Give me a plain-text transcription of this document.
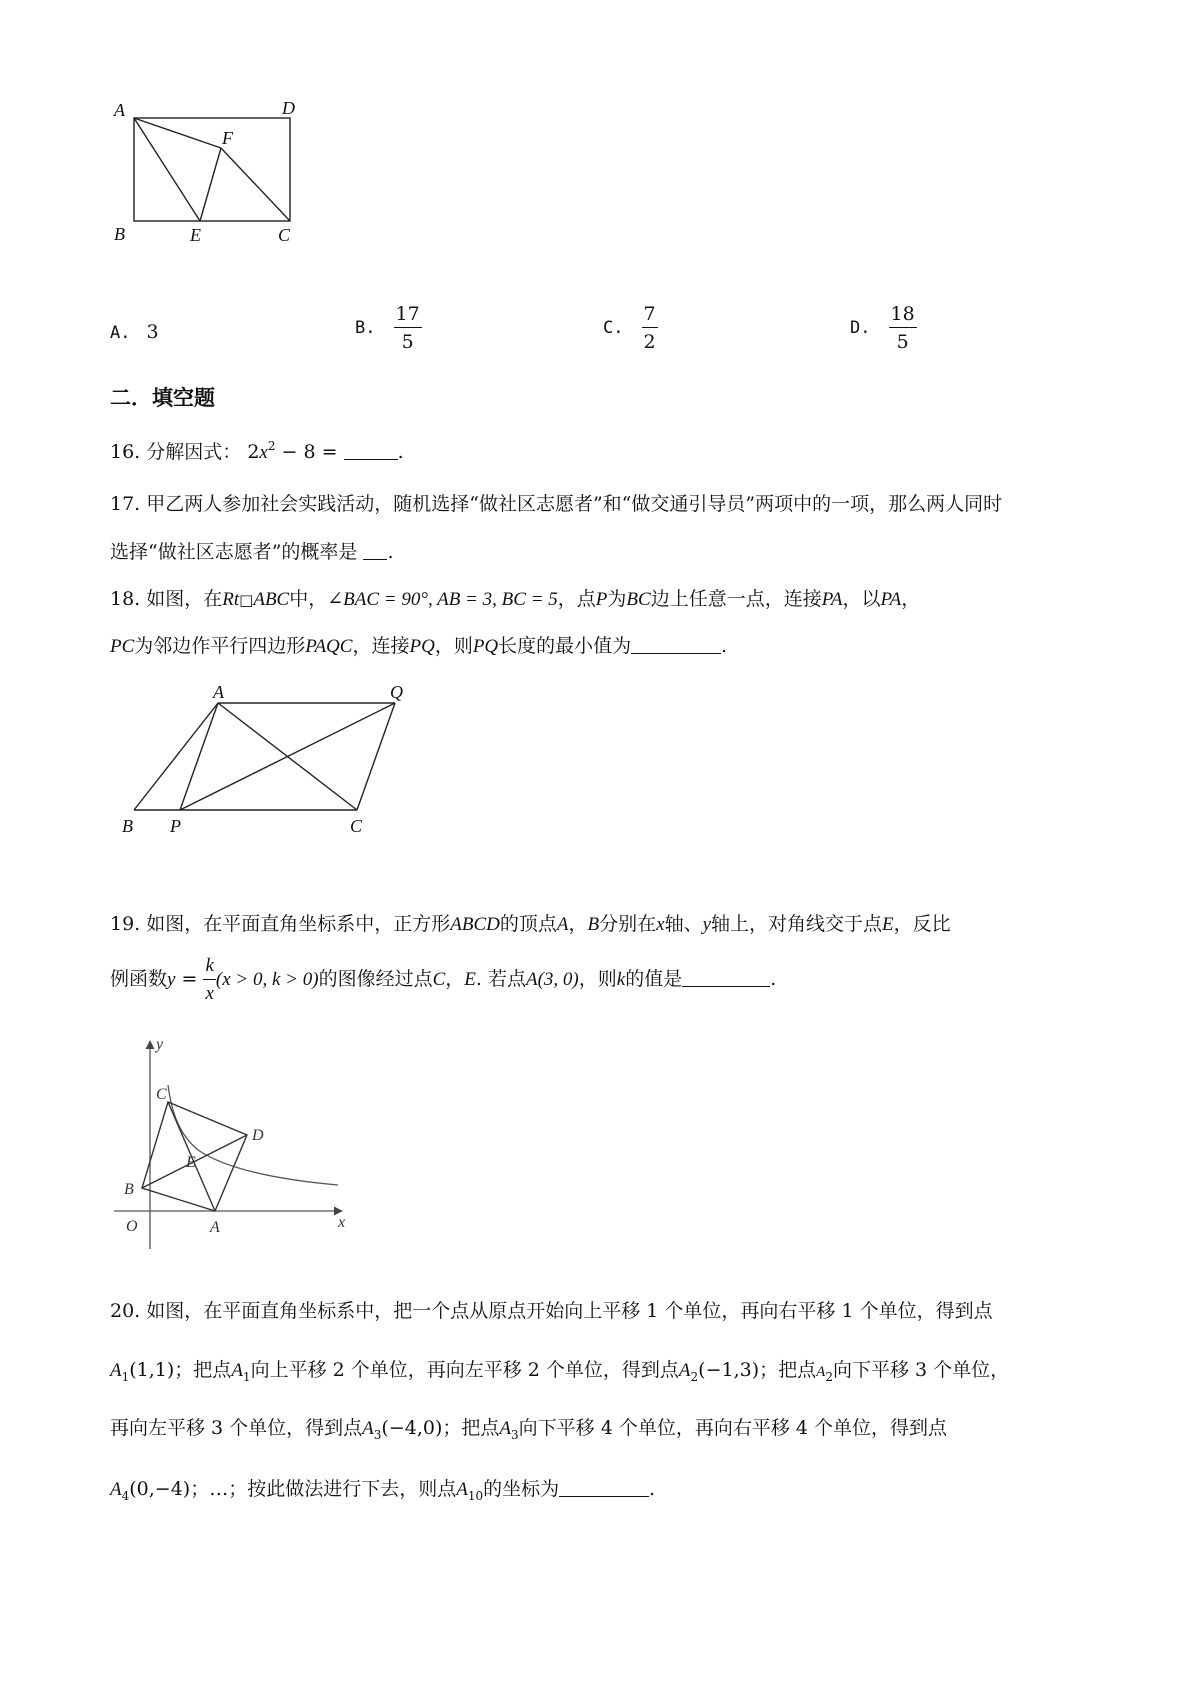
A	D
F
B	E	C
A. 3	B. $\frac{17}{5}$	C. $\frac{7}{2}$	D. $\frac{18}{5}$
二．填空题
16. 分解因式： $2x^2 - 8$ =	.
17. 甲乙两人参加社会实践活动，随机选择“做社区志愿者”和“做交通引导员”两项中的一项，那么两人同时
选择“做社区志愿者”的概率是 .
18. 如图，在Rt□ABC中，∠BAC = 90°, AB = 3, BC = 5，点P为BC边上任意一点，连接PA，以PA，
PC为邻边作平行四边形PAQC，连接PQ，则PQ长度的最小值为	.
A	Q
B P	C
19. 如图，在平面直角坐标系中，正方形ABCD的顶点A，B分别在x轴、y轴上，对角线交于点E，反比
例函数$y = \frac{k}{x} (x > 0$, k > 0)的图像经过点C，E. 若点A(3, 0)，则k的值是	.
y
x
O	A
B
C
D
E
20. 如图，在平面直角坐标系中，把一个点从原点开始向上平移 1 个单位，再向右平移 1 个单位，得到点
$A_1(1,1)$；把点$A_1$向上平移 2 个单位，再向左平移 2 个单位，得到点$A_2(-1,3)$；把点$A_2$向下平移 3 个单位，
再向左平移 3 个单位，得到点$A_3(-4,0)$；把点$A_3$向下平移 4 个单位，再向右平移 4 个单位，得到点
$A_4(0,-4)$；…；按此做法进行下去，则点$A_{10}$的坐标为	.
